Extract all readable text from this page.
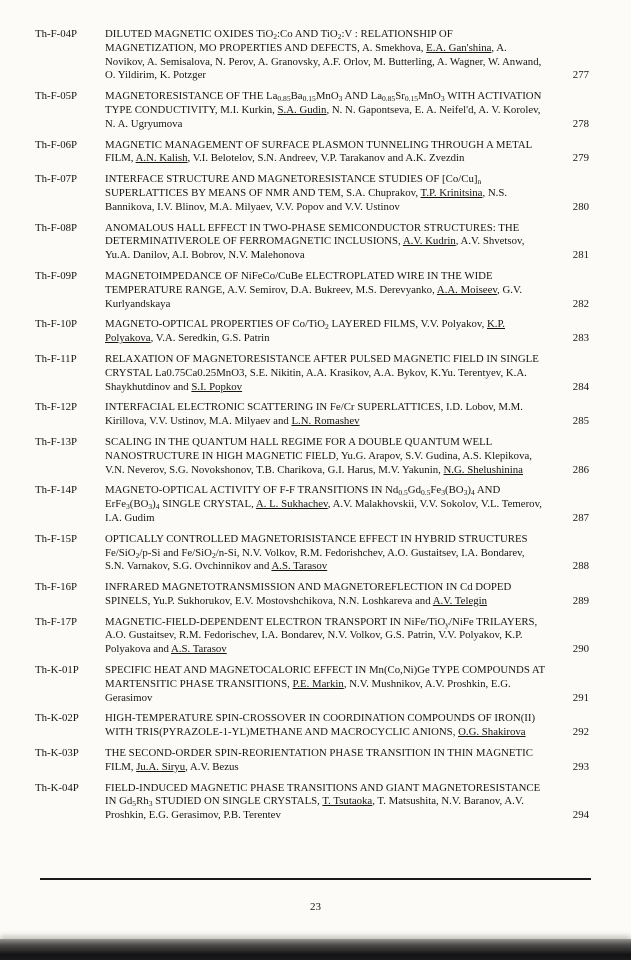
Th-F-04P	DILUTED MAGNETIC OXIDES TiO$_2$:Co AND TiO$_2$:V : RELATIONSHIP OF MAGNETIZATION, MO PROPERTIES AND DEFECTS, A. Smekhova, E.A. Gan'shina, A. Novikov, A. Semisalova, N. Perov, A. Granovsky, A.F. Orlov, M. Butterling, A. Wagner, W. Anwand, O. Yildirim, K. Potzger	277
Th-F-05P	MAGNETORESISTANCE OF THE $La_{0.85}Ba_{0.15}MnO_3$ AND $La_{0.85}Sr_{0.15}MnO_3$ WITH ACTIVATION TYPE CONDUCTIVITY, M.I. Kurkin, S.A. Gudin, N. N. Gapontseva, E. A. Neifel'd, A. V. Korolev, N. A. Ugryumova	278
Th-F-06P	MAGNETIC MANAGEMENT OF SURFACE PLASMON TUNNELING THROUGH A METAL FILM, A.N. Kalish, V.I. Belotelov, S.N. Andreev, V.P. Tarakanov and A.K. Zvezdin	279
Th-F-07P	INTERFACE STRUCTURE AND MAGNETORESISTANCE STUDIES OF $[Co/Cu]_n$ SUPERLATTICES BY MEANS OF NMR AND TEM, S.A. Chuprakov, T.P. Krinitsina, N.S. Bannikova, I.V. Blinov, M.A. Milyaev, V.V. Popov and V.V. Ustinov	280
Th-F-08P	ANOMALOUS HALL EFFECT IN TWO-PHASE SEMICONDUCTOR STRUCTURES: THE DETERMINATIVEROLE OF FERROMAGNETIC INCLUSIONS, A.V. Kudrin, A.V. Shvetsov, Yu.A. Danilov, A.I. Bobrov, N.V. Malehonova	281
Th-F-09P	MAGNETOIMPEDANCE OF NiFeCo/CuBe ELECTROPLATED WIRE IN THE WIDE TEMPERATURE RANGE, A.V. Semirov, D.A. Bukreev, M.S. Derevyanko, A.A. Moiseev, G.V. Kurlyandskaya	282
Th-F-10P	MAGNETO-OPTICAL PROPERTIES OF Co/TiO$_2$ LAYERED FILMS, V.V. Polyakov, K.P. Polyakova, V.A. Seredkin, G.S. Patrin	283
Th-F-11P	RELAXATION OF MAGNETORESISTANCE AFTER PULSED MAGNETIC FIELD IN SINGLE CRYSTAL La0.75Ca0.25MnO3, S.E. Nikitin, A.A. Krasikov, A.A. Bykov, K.Yu. Terentyev, K.A. Shaykhutdinov and S.I. Popkov	284
Th-F-12P	INTERFACIAL ELECTRONIC SCATTERING IN Fe/Cr SUPERLATTICES, I.D. Lobov, M.M. Kirillova, V.V. Ustinov, M.A. Milyaev and L.N. Romashev	285
Th-F-13P	SCALING IN THE QUANTUM HALL REGIME FOR A DOUBLE QUANTUM WELL NANOSTRUCTURE IN HIGH MAGNETIC FIELD, Yu.G. Arapov, S.V. Gudina, A.S. Klepikova, V.N. Neverov, S.G. Novokshonov, T.B. Charikova, G.I. Harus, M.V. Yakunin, N.G. Shelushinina	286
Th-F-14P	MAGNETO-OPTICAL ACTIVITY OF F-F TRANSITIONS IN $Nd_{0.5}Gd_{0.5}Fe_3(BO_3)_4$ AND $ErFe_3(BO_3)_4$ SINGLE CRYSTAL, A. L. Sukhachev, A.V. Malakhovskii, V.V. Sokolov, V.L. Temerov, I.A. Gudim	287
Th-F-15P	OPTICALLY CONTROLLED MAGNETORISISTANCE EFFECT IN HYBRID STRUCTURES Fe/SiO$_2$/p-Si and Fe/SiO$_2$/n-Si, N.V. Volkov, R.M. Fedorishchev, A.O. Gustaitsev, I.A. Bondarev, S.N. Varnakov, S.G. Ovchinnikov and A.S. Tarasov	288
Th-F-16P	INFRARED MAGNETOTRANSMISSION AND MAGNETOREFLECTION IN Cd DOPED SPINELS, Yu.P. Sukhorukov, E.V. Mostovshchikova, N.N. Loshkareva and A.V. Telegin	289
Th-F-17P	MAGNETIC-FIELD-DEPENDENT ELECTRON TRANSPORT IN NiFe/TiO$_y$/NiFe TRILAYERS, A.O. Gustaitsev, R.M. Fedorischev, I.A. Bondarev, N.V. Volkov, G.S. Patrin, V.V. Polyakov, K.P. Polyakova and A.S. Tarasov	290
Th-K-01P	SPECIFIC HEAT AND MAGNETOCALORIC EFFECT IN Mn(Co,Ni)Ge TYPE COMPOUNDS AT MARTENSITIC PHASE TRANSITIONS, P.E. Markin, N.V. Mushnikov, A.V. Proshkin, E.G. Gerasimov	291
Th-K-02P	HIGH-TEMPERATURE SPIN-CROSSOVER IN COORDINATION COMPOUNDS OF IRON(II) WITH TRIS(PYRAZOLE-1-YL)METHANE AND MACROCYCLIC ANIONS, O.G. Shakirova	292
Th-K-03P	THE SECOND-ORDER SPIN-REORIENTATION PHASE TRANSITION IN THIN MAGNETIC FILM, Ju.A. Siryu, A.V. Bezus	293
Th-K-04P	FIELD-INDUCED MAGNETIC PHASE TRANSITIONS AND GIANT MAGNETORESISTANCE IN $Gd_5Rh_3$ STUDIED ON SINGLE CRYSTALS, T. Tsutaoka, T. Matsushita, N.V. Baranov, A.V. Proshkin, E.G. Gerasimov, P.B. Terentev	294
23
